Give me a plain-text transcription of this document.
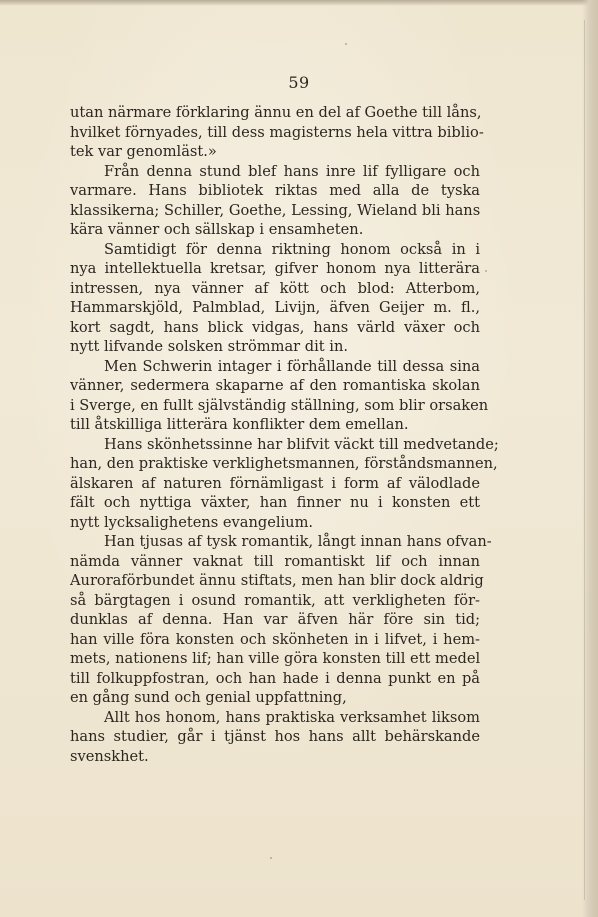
59
utan närmare förklaring ännu en del af Goethe till låns,
hvilket förnyades, till dess magisterns hela vittra biblio-
tek var genomläst.»
Från denna stund blef hans inre lif fylligare och
varmare. Hans bibliotek riktas med alla de tyska
klassikerna; Schiller, Goethe, Lessing, Wieland bli hans
kära vänner och sällskap i ensamheten.
Samtidigt för denna riktning honom också in i
nya intellektuella kretsar, gifver honom nya litterära
intressen, nya vänner af kött och blod: Atterbom,
Hammarskjöld, Palmblad, Livijn, äfven Geijer m. fl.,
kort sagdt, hans blick vidgas, hans värld växer och
nytt lifvande solsken strömmar dit in.
Men Schwerin intager i förhållande till dessa sina
vänner, sedermera skaparne af den romantiska skolan
i Sverge, en fullt självständig ställning, som blir orsaken
till åtskilliga litterära konflikter dem emellan.
Hans skönhetssinne har blifvit väckt till medvetande;
han, den praktiske verklighetsmannen, förståndsmannen,
älskaren af naturen förnämligast i form af välodlade
fält och nyttiga växter, han finner nu i konsten ett
nytt lycksalighetens evangelium.
Han tjusas af tysk romantik, långt innan hans ofvan-
nämda vänner vaknat till romantiskt lif och innan
Auroraförbundet ännu stiftats, men han blir dock aldrig
så bärgtagen i osund romantik, att verkligheten för-
dunklas af denna. Han var äfven här före sin tid;
han ville föra konsten och skönheten in i lifvet, i hem-
mets, nationens lif; han ville göra konsten till ett medel
till folkuppfostran, och han hade i denna punkt en på
en gång sund och genial uppfattning,
Allt hos honom, hans praktiska verksamhet liksom
hans studier, går i tjänst hos hans allt behärskande
svenskhet.
